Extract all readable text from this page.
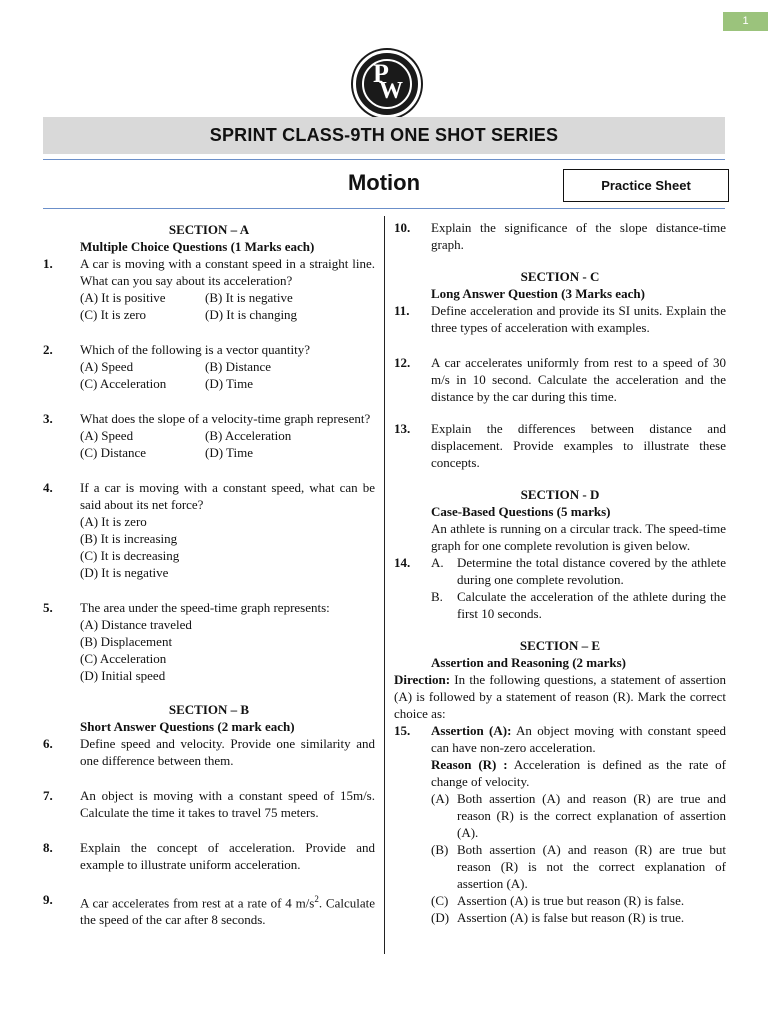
1
P
W
SPRINT CLASS-9TH ONE SHOT SERIES
Motion	Practice Sheet
SECTION – A
Multiple Choice Questions (1 Marks each)
1.	A car is moving with a constant speed in a straight line. What can you say about its acceleration?
(A) It is positive	(B) It is negative
(C) It is zero	(D) It is changing
2.	Which of the following is a vector quantity?
(A) Speed	(B) Distance
(C) Acceleration	(D) Time
3.	What does the slope of a velocity-time graph represent?
(A) Speed	(B) Acceleration
(C) Distance	(D) Time
4.	If a car is moving with a constant speed, what can be said about its net force?
(A) It is zero
(B) It is increasing
(C) It is decreasing
(D) It is negative
5.	The area under the speed-time graph represents:
(A) Distance traveled
(B) Displacement
(C) Acceleration
(D) Initial speed
SECTION – B
Short Answer Questions (2 mark each)
6.	Define speed and velocity. Provide one similarity and one difference between them.
7.	An object is moving with a constant speed of 15m/s. Calculate the time it takes to travel 75 meters.
8.	Explain the concept of acceleration. Provide and example to illustrate uniform acceleration.
9.	A car accelerates from rest at a rate of 4 $m/s^2$. Calculate the speed of the car after 8 seconds.
10.	Explain the significance of the slope distance-time graph.
SECTION - C
Long Answer Question (3 Marks each)
11.	Define acceleration and provide its SI units. Explain the three types of acceleration with examples.
12.	A car accelerates uniformly from rest to a speed of 30 m/s in 10 second. Calculate the acceleration and the distance by the car during this time.
13.	Explain the differences between distance and displacement. Provide examples to illustrate these concepts.
SECTION - D
Case-Based Questions (5 marks)
An athlete is running on a circular track. The speed-time graph for one complete revolution is given below.
14.	A.	Determine the total distance covered by the athlete during one complete revolution.
B.	Calculate the acceleration of the athlete during the first 10 seconds.
SECTION – E
Assertion and Reasoning (2 marks)
Direction: In the following questions, a statement of assertion (A) is followed by a statement of reason (R). Mark the correct choice as:
15.	Assertion (A): An object moving with constant speed can have non-zero acceleration.
Reason (R) : Acceleration is defined as the rate of change of velocity.
(A) Both assertion (A) and reason (R) are true and reason (R) is the correct explanation of assertion (A).
(B) Both assertion (A) and reason (R) are true but reason (R) is not the correct explanation of assertion (A).
(C) Assertion (A) is true but reason (R) is false.
(D) Assertion (A) is false but reason (R) is true.
